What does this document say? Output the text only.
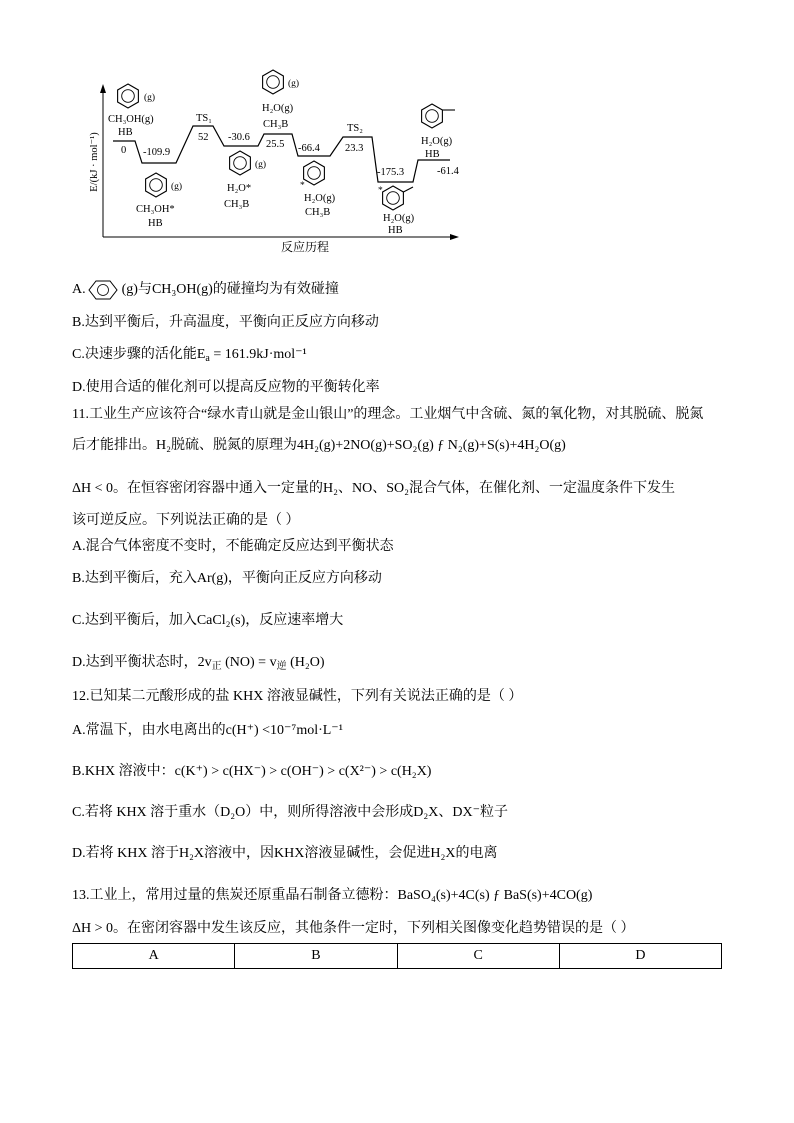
E/(kJ · mol⁻¹)
反应历程
(g)
CH₃OH(g)
HB
0 -109.9
(g)
CH₃OH*
HB
TS₁
52 -30.6
(g)
H₂O*
CH₃B
(g)
H₂O(g)
CH₃B
25.5 -66.4
*
H₂O(g)
CH₃B
TS₂
23.3
-175.3
*
H₂O(g)
HB
H₂O(g)
HB
-61.4
A.	(g)与CH₃OH(g)的碰撞均为有效碰撞
B.达到平衡后，升高温度，平衡向正反应方向移动
C.决速步骤的活化能$E_a = 161.9kJ\cdot mol^{-1}$
D.使用合适的催化剂可以提高反应物的平衡转化率
11.工业生产应该符合“绿水青山就是金山银山”的理念。工业烟气中含硫、氮的氧化物，对其脱硫、脱氮
后才能排出。H₂脱硫、脱氮的原理为4H₂(g)+2NO(g)+SO₂(g) ƒ N₂(g)+S(s)+4H₂O(g)
ΔH < 0。在恒容密闭容器中通入一定量的H₂、NO、SO₂混合气体，在催化剂、一定温度条件下发生
该可逆反应。下列说法正确的是（ ）
A.混合气体密度不变时，不能确定反应达到平衡状态
B.达到平衡后，充入Ar(g)，平衡向正反应方向移动
C.达到平衡后，加入CaCl₂(s)，反应速率增大
D.达到平衡状态时，$2v_正$ $(NO) = v_逆$ (H₂O)
12.已知某二元酸形成的盐 KHX 溶液显碱性，下列有关说法正确的是（ ）
A.常温下，由水电离出的c(H⁺) <10⁻⁷mol·L⁻¹
B.KHX 溶液中：c(K⁺) > c(HX⁻) > c(OH⁻) > c(X²⁻) > c(H₂X)
C.若将 KHX 溶于重水（D₂O）中，则所得溶液中会形成D₂X、DX⁻粒子
D.若将 KHX 溶于H₂X溶液中，因KHX溶液显碱性，会促进H₂X的电离
13.工业上，常用过量的焦炭还原重晶石制备立德粉：BaSO₄(s)+4C(s) ƒ BaS(s)+4CO(g)
ΔH > 0。在密闭容器中发生该反应，其他条件一定时，下列相关图像变化趋势错误的是（ ）
A	B	C	D
